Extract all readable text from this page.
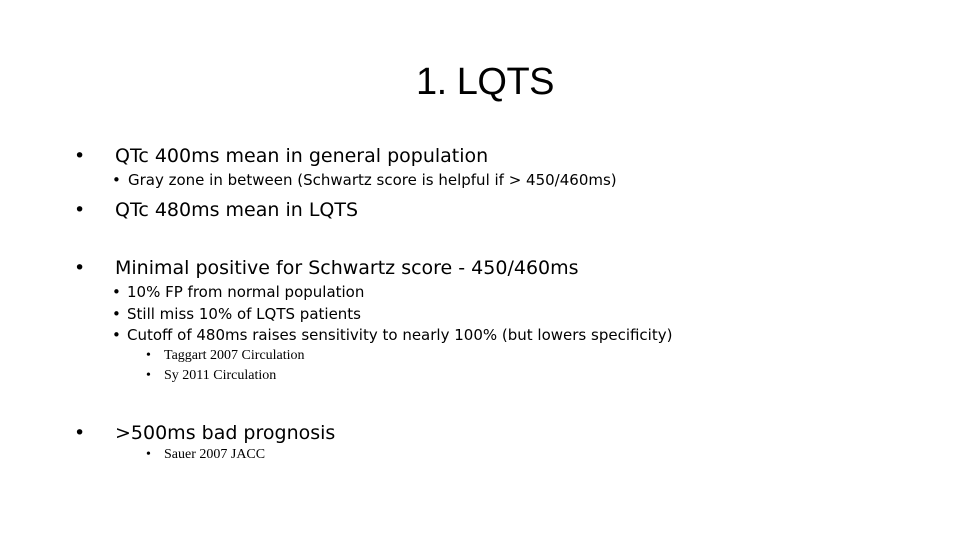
1. LQTS
• QTc 400ms mean in general population
• Gray zone in between (Schwartz score is helpful if > 450/460ms)
• QTc 480ms mean in LQTS
• Minimal positive for Schwartz score - 450/460ms
• 10% FP from normal population
• Still miss 10% of LQTS patients
• Cutoff of 480ms raises sensitivity to nearly 100% (but lowers specificity)
• Taggart 2007 Circulation
• Sy 2011 Circulation
• >500ms bad prognosis
• Sauer 2007 JACC
